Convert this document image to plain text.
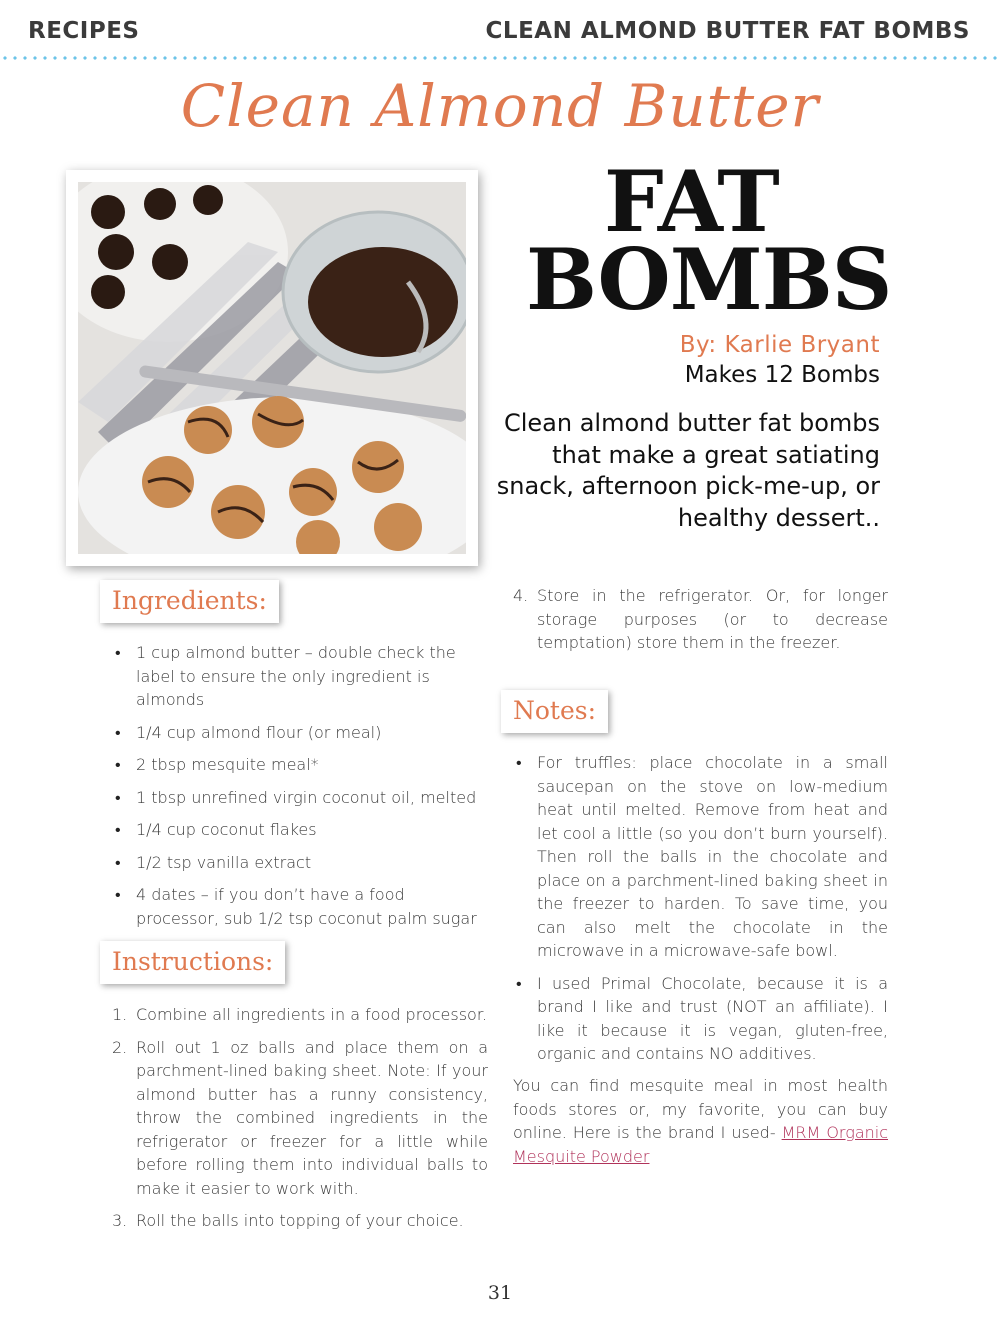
RECIPES	CLEAN ALMOND BUTTER FAT BOMBS
Clean Almond Butter
FAT
BOMBS
By: Karlie Bryant
Makes 12 Bombs
Clean almond butter fat bombs that make a great satiating snack, afternoon pick-me-up, or healthy dessert..
Ingredients:
• 1 cup almond butter – double check the label to ensure the only ingredient is almonds
• 1/4 cup almond flour (or meal)
• 2 tbsp mesquite meal*
• 1 tbsp unrefined virgin coconut oil, melted
• 1/4 cup coconut flakes
• 1/2 tsp vanilla extract
• 4 dates – if you don’t have a food processor, sub 1/2 tsp coconut palm sugar
Instructions:
1. Combine all ingredients in a food processor.
2. Roll out 1 oz balls and place them on a parchment-lined baking sheet. Note: If your almond butter has a runny consistency, throw the combined ingredients in the refrigerator or freezer for a little while before rolling them into individual balls to make it easier to work with.
3. Roll the balls into topping of your choice.
4. Store in the refrigerator. Or, for longer storage purposes (or to decrease temptation) store them in the freezer.
Notes:
• For truffles: place chocolate in a small saucepan on the stove on low-medium heat until melted. Remove from heat and let cool a little (so you don’t burn yourself). Then roll the balls in the chocolate and place on a parchment-lined baking sheet in the freezer to harden. To save time, you can also melt the chocolate in the microwave in a microwave-safe bowl.
• I used Primal Chocolate, because it is a brand I like and trust (NOT an affiliate). I like it because it is vegan, gluten-free, organic and contains NO additives.
You can find mesquite meal in most health foods stores or, my favorite, you can buy online. Here is the brand I used- MRM Organic Mesquite Powder
31
